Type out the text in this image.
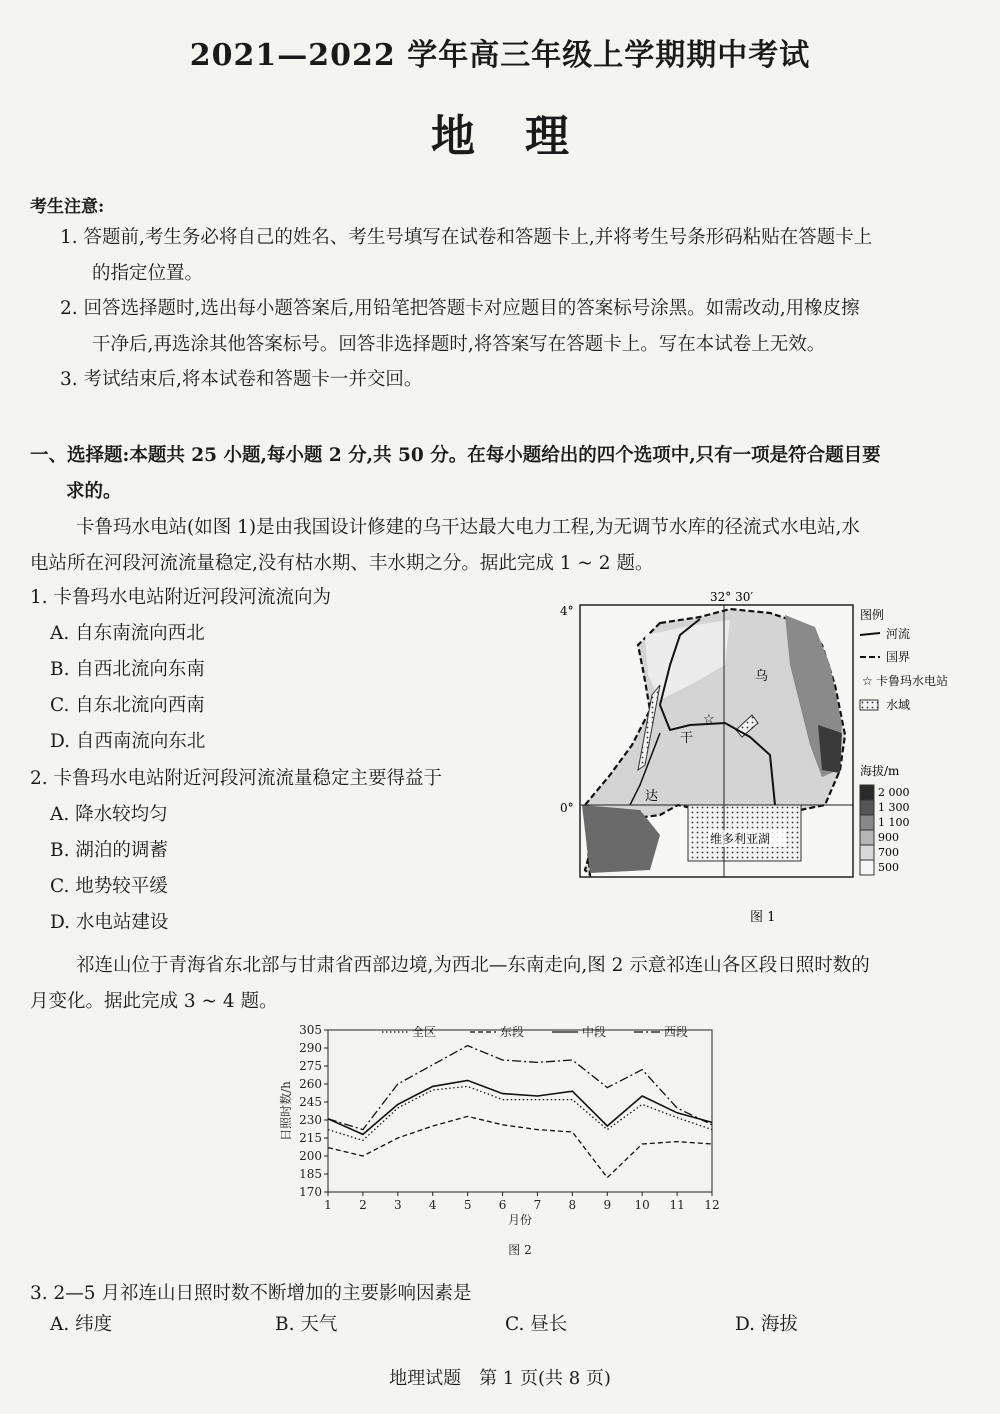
2021—2022 学年高三年级上学期期中考试
地理
考生注意:

1. 答题前,考生务必将自己的姓名、考生号填写在试卷和答题卡上,并将考生号条形码粘贴在答题卡上

的指定位置。

2. 回答选择题时,选出每小题答案后,用铅笔把答题卡对应题目的答案标号涂黑。如需改动,用橡皮擦

干净后,再选涂其他答案标号。回答非选择题时,将答案写在答题卡上。写在本试卷上无效。

3. 考试结束后,将本试卷和答题卡一并交回。

一、选择题:本题共 25 小题,每小题 2 分,共 50 分。在每小题给出的四个选项中,只有一项是符合题目要
求的。

卡鲁玛水电站(如图 1)是由我国设计修建的乌干达最大电力工程,为无调节水库的径流式水电站,水

电站所在河段河流流量稳定,没有枯水期、丰水期之分。据此完成 1 ~ 2 题。

1. 卡鲁玛水电站附近河段河流流向为
A. 自东南流向西北
B. 自西北流向东南
C. 自东北流向西南
D. 自西南流向东北
2. 卡鲁玛水电站附近河段河流流量稳定主要得益于
A. 降水较均匀
B. 湖泊的调蓄
C. 地势较平缓
D. 水电站建设
4°
0°
32° 30′
☆
乌
干
达
维多利亚湖
图例
河流
国界
☆ 卡鲁玛水电站
水域
海拔/m
2 000
1 300
1 100
900
700
500
图 1

祁连山位于青海省东北部与甘肃省西部边境,为西北—东南走向,图 2 示意祁连山各区段日照时数的

月变化。据此完成 3 ~ 4 题。

170
185
200
215
230
245
260
275
290
305
1 2 3 4 5 6 7 8 9 10 11 12
月份
日照时数/h
全区	东段	中段	西段
图 2
3. 2—5 月祁连山日照时数不断增加的主要影响因素是
A. 纬度	B. 天气	C. 昼长	D. 海拔
地理试题　第 1 页(共 8 页)
